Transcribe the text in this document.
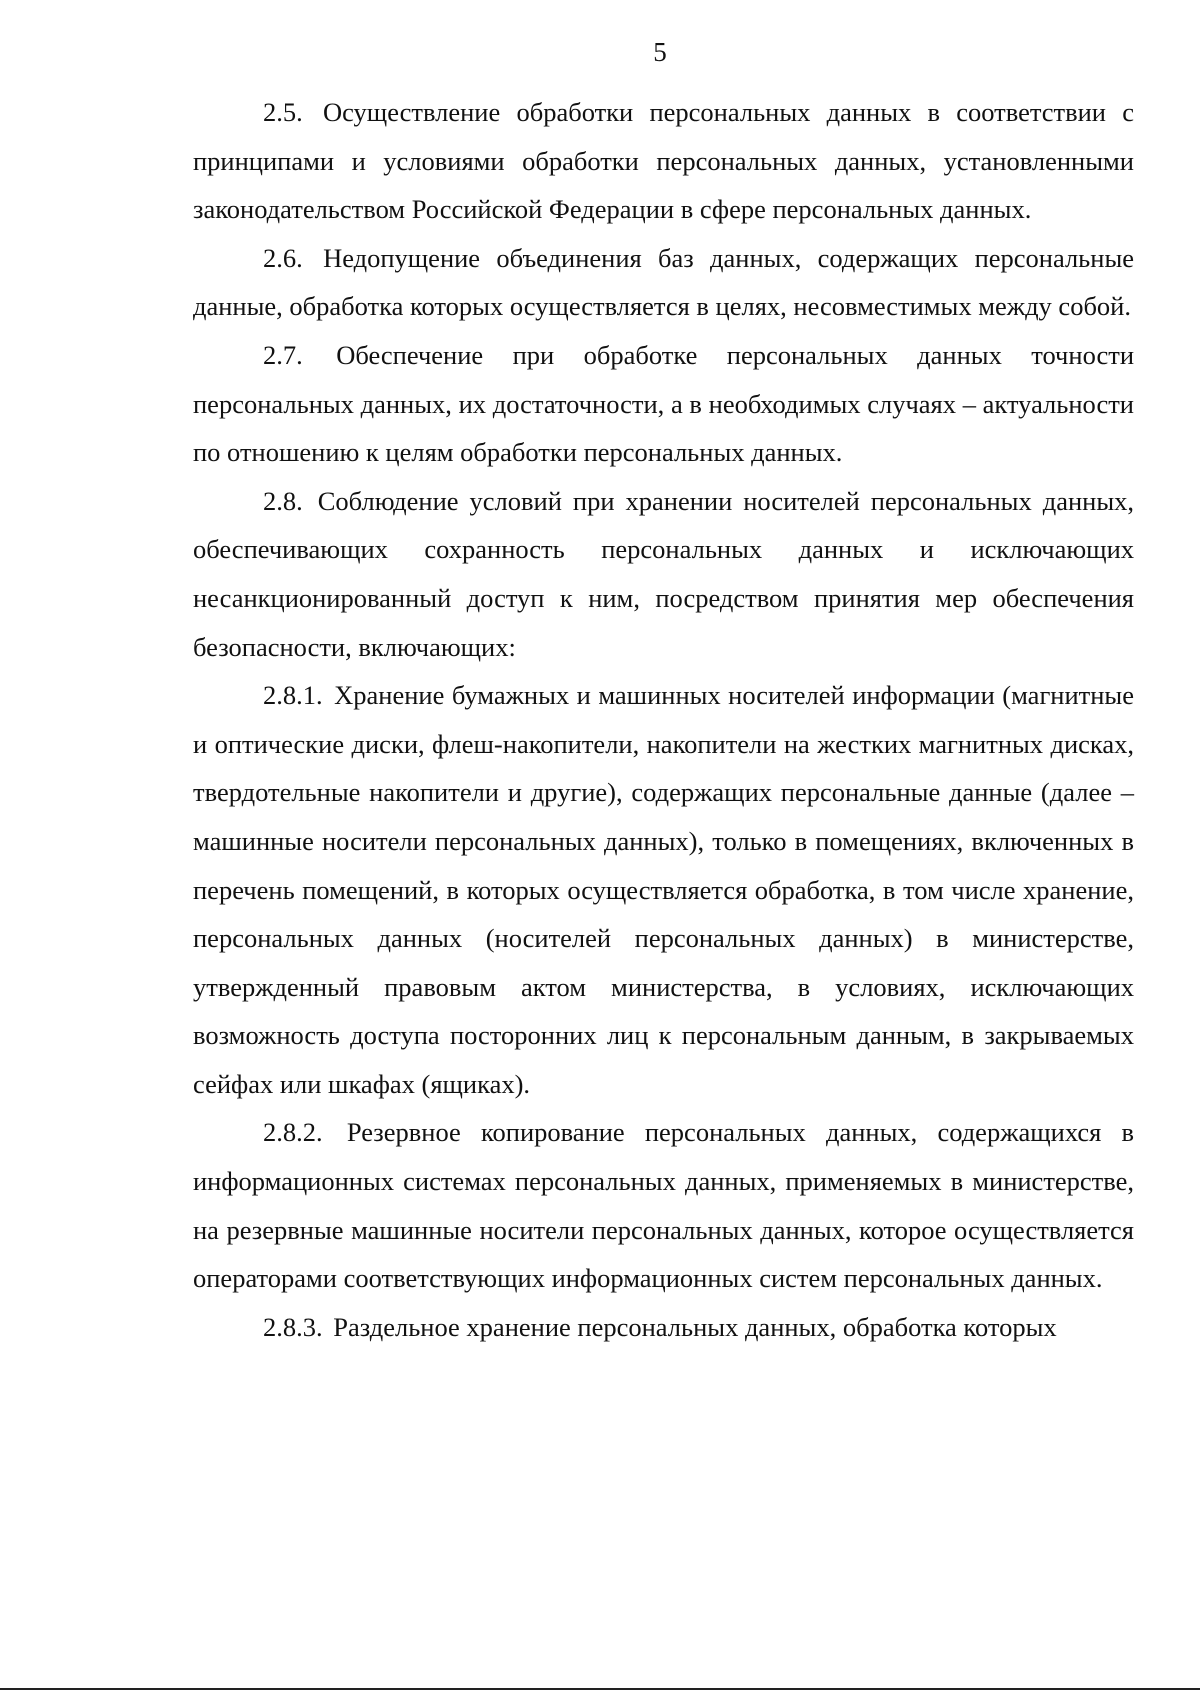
5

2.5. Осуществление обработки персональных данных в соответствии с принципами и условиями обработки персональных данных, установленными законодательством Российской Федерации в сфере персональных данных.

2.6. Недопущение объединения баз данных, содержащих персональные данные, обработка которых осуществляется в целях, несовместимых между собой.

2.7. Обеспечение при обработке персональных данных точности персональных данных, их достаточности, а в необходимых случаях – актуальности по отношению к целям обработки персональных данных.

2.8. Соблюдение условий при хранении носителей персональных данных, обеспечивающих сохранность персональных данных и исключающих несанкционированный доступ к ним, посредством принятия мер обеспечения безопасности, включающих:

2.8.1. Хранение бумажных и машинных носителей информации (магнитные и оптические диски, флеш-накопители, накопители на жестких магнитных дисках, твердотельные накопители и другие), содержащих персональные данные (далее – машинные носители персональных данных), только в помещениях, включенных в перечень помещений, в которых осуществляется обработка, в том числе хранение, персональных данных (носителей персональных данных) в министерстве, утвержденный правовым актом министерства, в условиях, исключающих возможность доступа посторонних лиц к персональным данным, в закрываемых сейфах или шкафах (ящиках).

2.8.2. Резервное копирование персональных данных, содержащихся в информационных системах персональных данных, применяемых в министерстве, на резервные машинные носители персональных данных, которое осуществляется операторами соответствующих информационных систем персональных данных.

2.8.3. Раздельное хранение персональных данных, обработка которых
